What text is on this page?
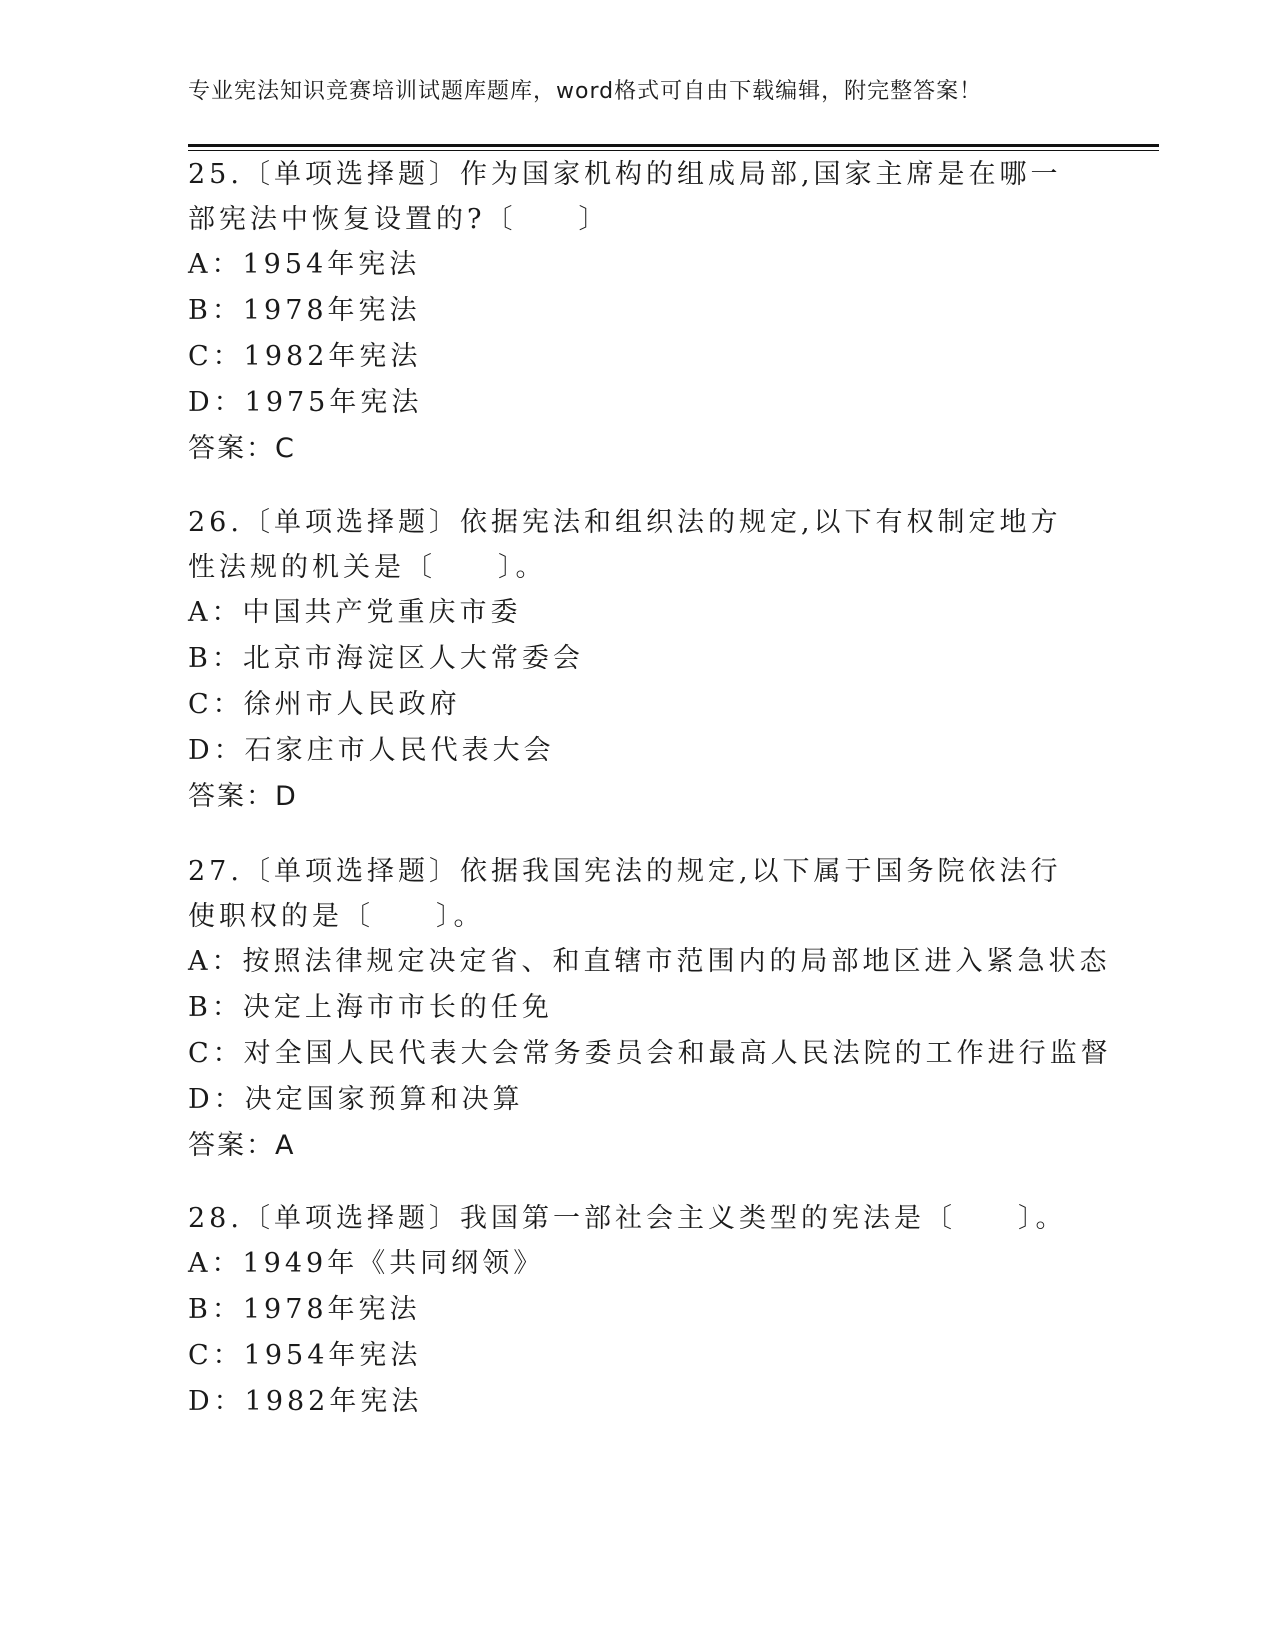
专业宪法知识竞赛培训试题库题库，word格式可自由下载编辑，附完整答案！

25.〔单项选择题〕作为国家机构的组成局部,国家主席是在哪一部宪法中恢复设置的?〔　　〕

A：1954年宪法
B：1978年宪法
C：1982年宪法
D：1975年宪法
答案：C

26.〔单项选择题〕依据宪法和组织法的规定,以下有权制定地方性法规的机关是〔　　〕。

A：中国共产党重庆市委
B：北京市海淀区人大常委会
C：徐州市人民政府
D：石家庄市人民代表大会
答案：D

27.〔单项选择题〕依据我国宪法的规定,以下属于国务院依法行使职权的是〔　　〕。

A：按照法律规定决定省、和直辖市范围内的局部地区进入紧急状态
B：决定上海市市长的任免
C：对全国人民代表大会常务委员会和最高人民法院的工作进行监督
D：决定国家预算和决算
答案：A

28.〔单项选择题〕我国第一部社会主义类型的宪法是〔　　〕。

A：1949年《共同纲领》
B：1978年宪法
C：1954年宪法
D：1982年宪法
